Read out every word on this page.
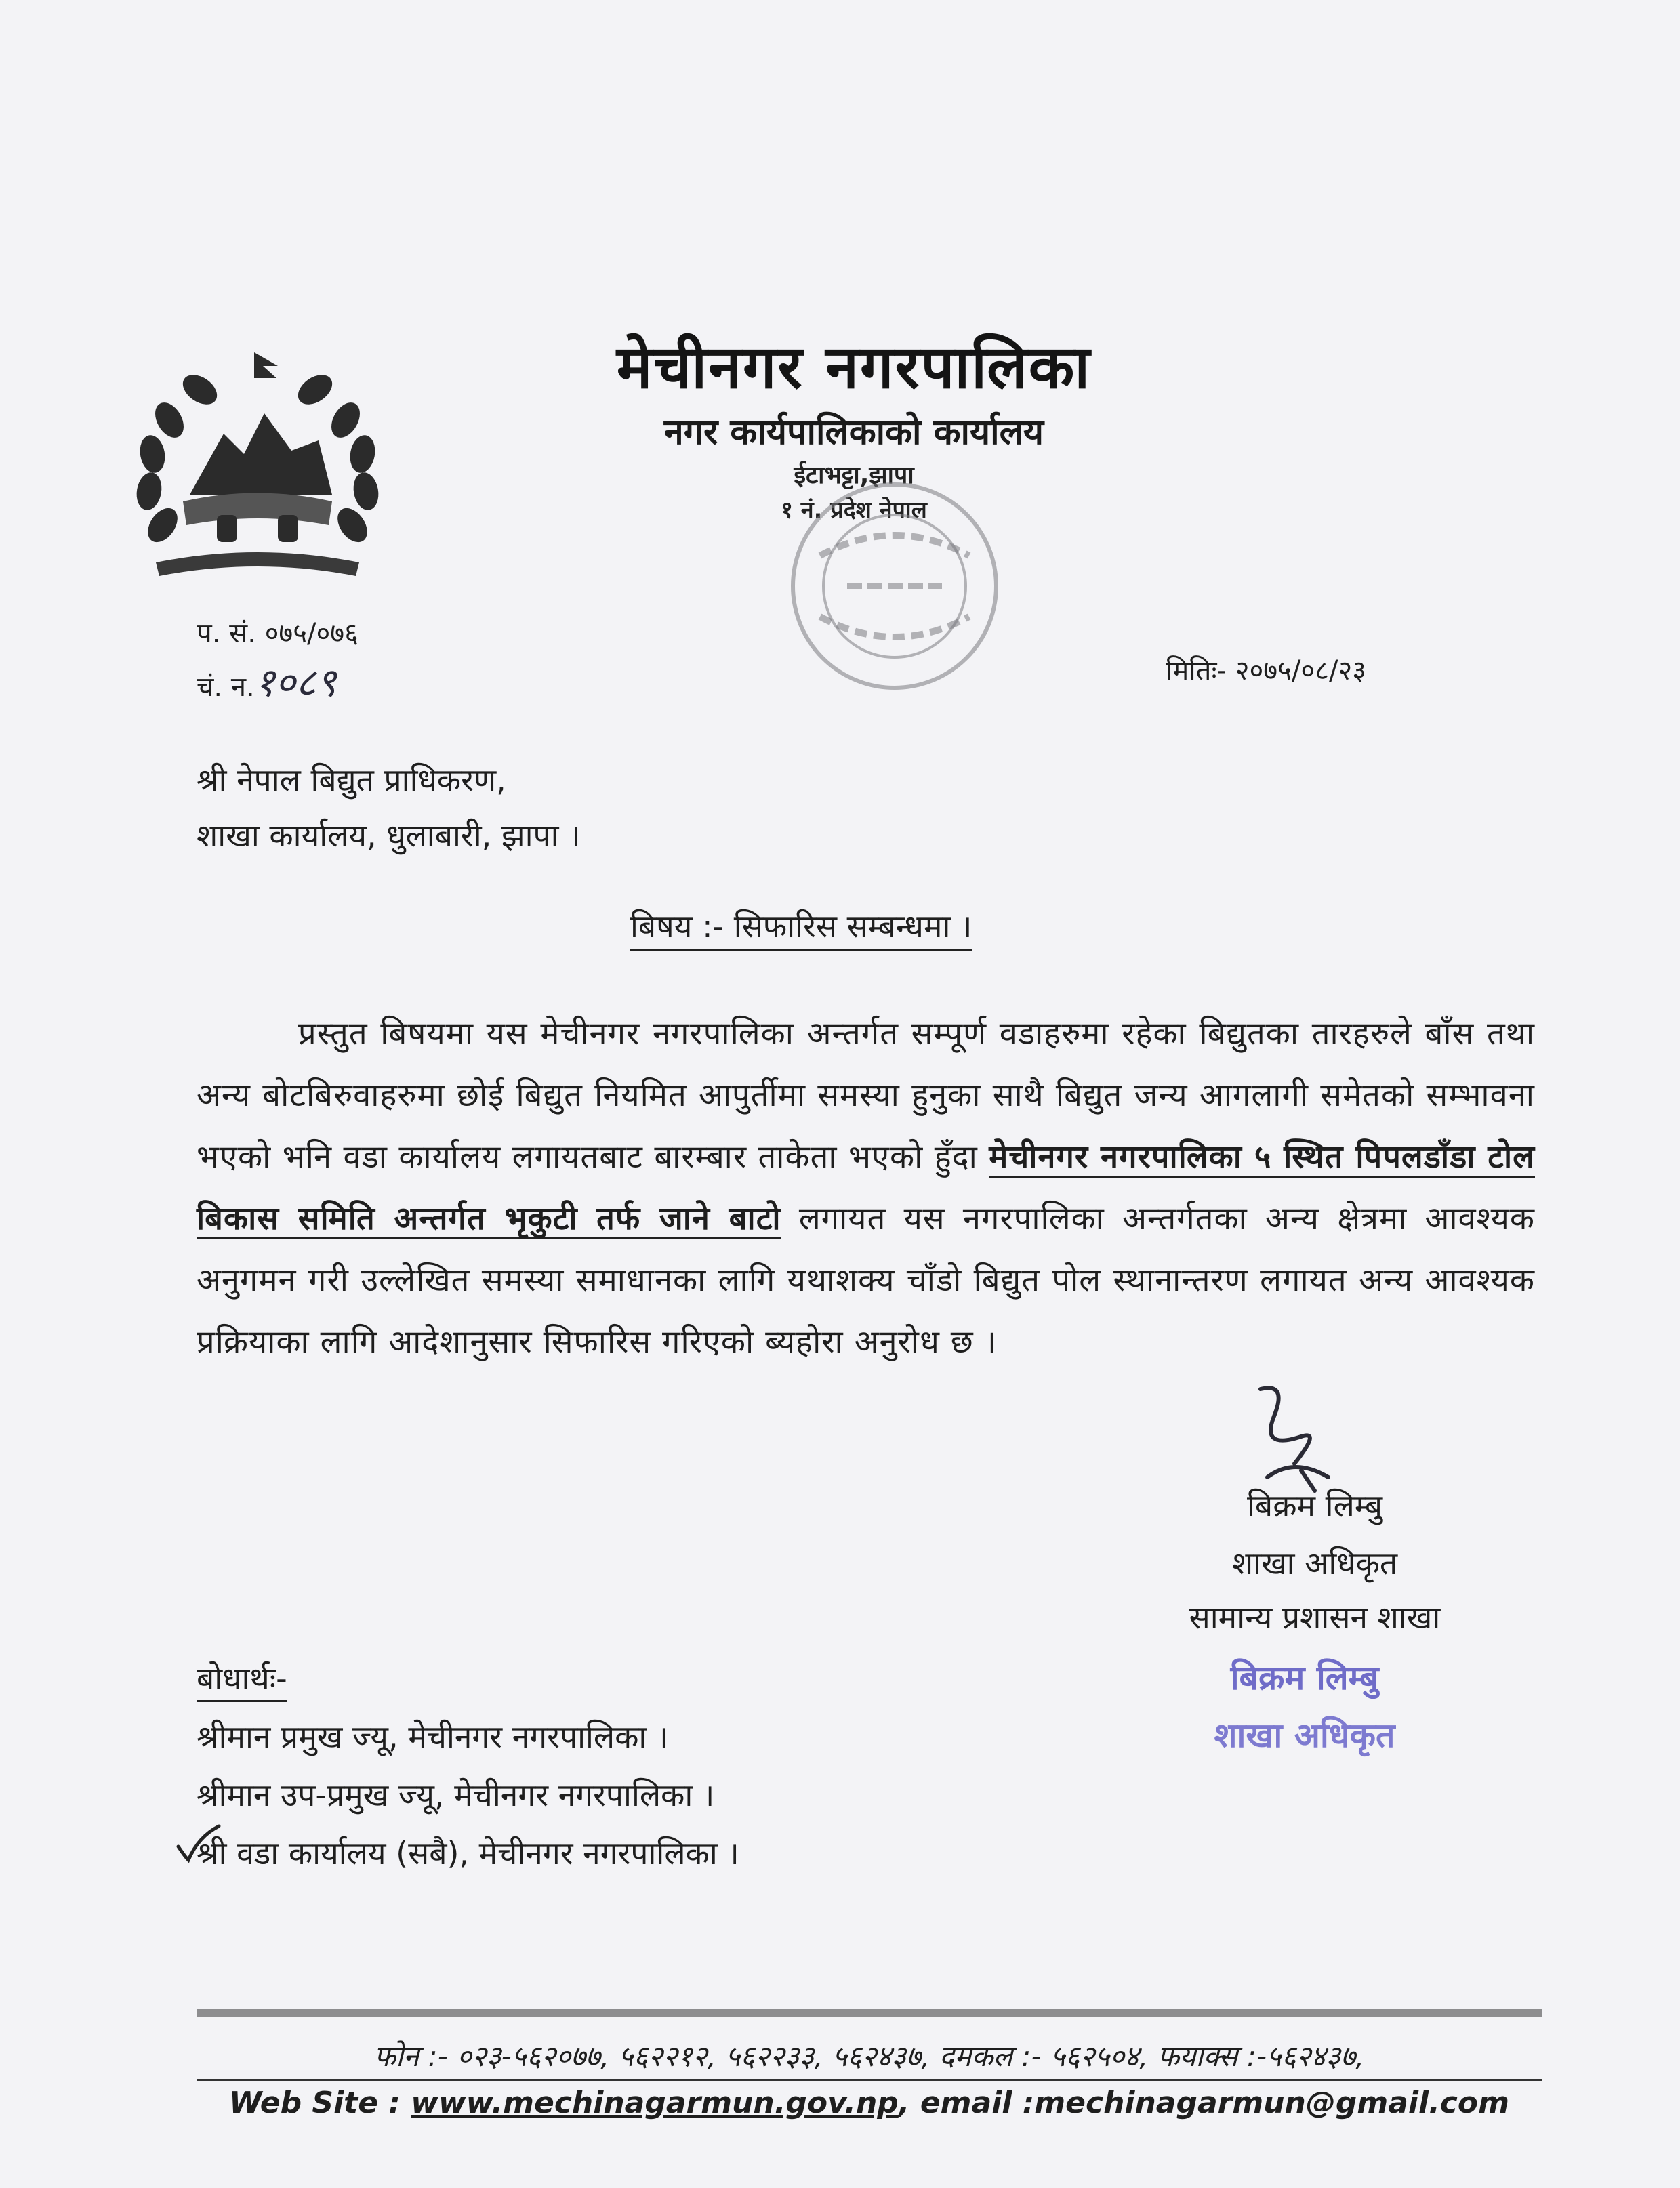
मेचीनगर नगरपालिका
नगर कार्यपालिकाको कार्यालय
ईटाभट्टा,झापा
१ नं. प्रदेश नेपाल
प. सं. ०७५/०७६
चं. न.१०८९	मितिः- २०७५/०८/२३
श्री नेपाल बिद्युत प्राधिकरण,
शाखा कार्यालय, धुलाबारी, झापा ।
बिषय :- सिफारिस सम्बन्धमा ।
प्रस्तुत बिषयमा यस मेचीनगर नगरपालिका अन्तर्गत सम्पूर्ण वडाहरुमा रहेका बिद्युतका तारहरुले बाँस तथा अन्य बोटबिरुवाहरुमा छोई बिद्युत नियमित आपुर्तीमा समस्या हुनुका साथै बिद्युत जन्य आगलागी समेतको सम्भावना भएको भनि वडा कार्यालय लगायतबाट बारम्बार ताकेता भएको हुँदा मेचीनगर नगरपालिका ५ स्थित पिपलडाँडा टोल बिकास समिति अन्तर्गत भृकुटी तर्फ जाने बाटो लगायत यस नगरपालिका अन्तर्गतका अन्य क्षेत्रमा आवश्यक अनुगमन गरी उल्लेखित समस्या समाधानका लागि यथाशक्य चाँडो बिद्युत पोल स्थानान्तरण लगायत अन्य आवश्यक प्रक्रियाका लागि आदेशानुसार सिफारिस गरिएको ब्यहोरा अनुरोध छ ।
बिक्रम लिम्बु
शाखा अधिकृत
सामान्य प्रशासन शाखा
बिक्रम लिम्बु
शाखा अधिकृत
बोधार्थः-
श्रीमान प्रमुख ज्यू, मेचीनगर नगरपालिका ।
श्रीमान उप-प्रमुख ज्यू, मेचीनगर नगरपालिका ।
श्री वडा कार्यालय (सबै), मेचीनगर नगरपालिका ।
फोन :- ०२३-५६२०७७, ५६२२१२, ५६२२३३, ५६२४३७, दमकल :- ५६२५०४, फयाक्स :-५६२४३७,
Web Site : www.mechinagarmun.gov.np, email :mechinagarmun@gmail.com
